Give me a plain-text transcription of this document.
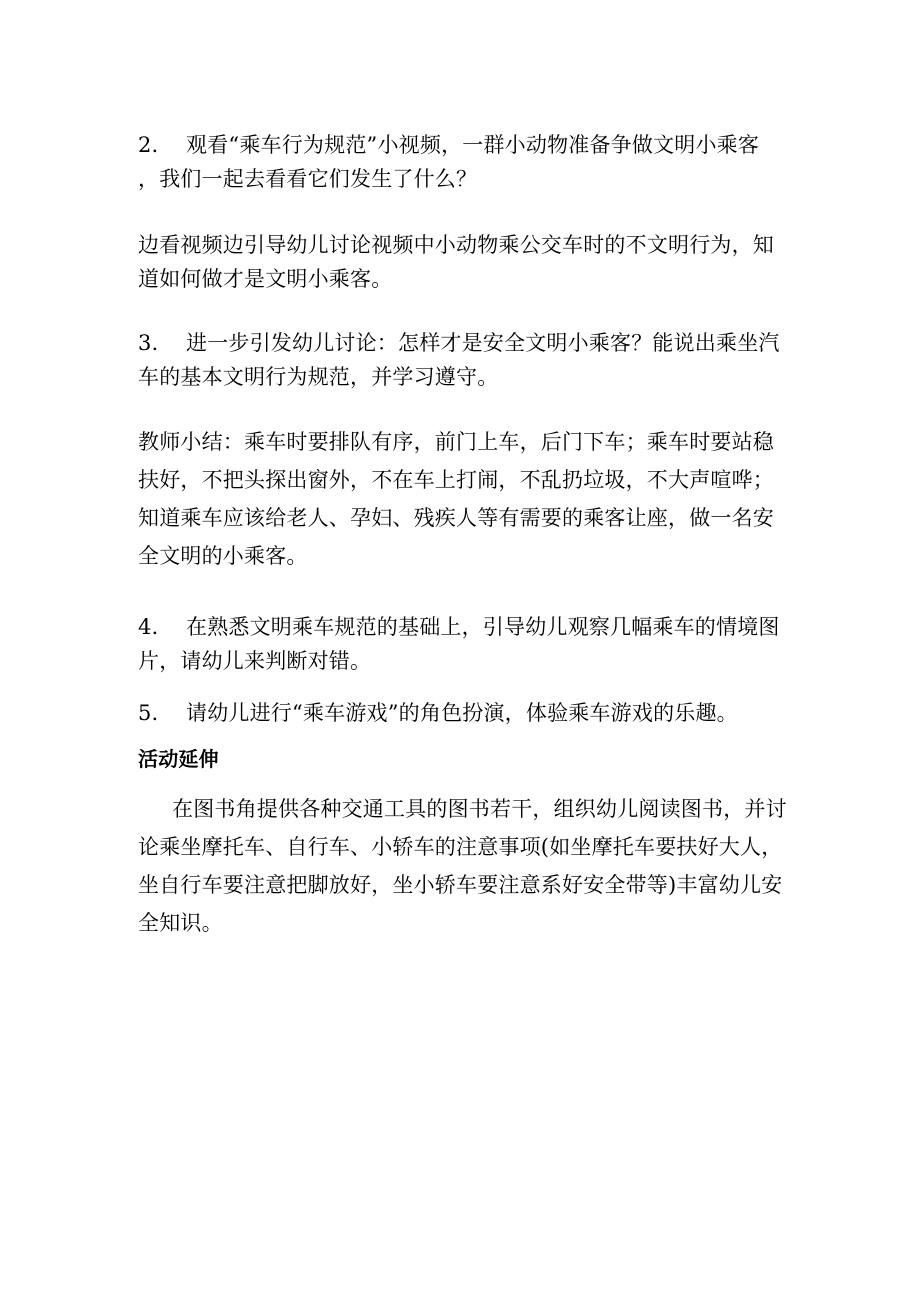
2. 观看“乘车行为规范”小视频，一群小动物准备争做文明小乘客
，我们一起去看看它们发生了什么？
边看视频边引导幼儿讨论视频中小动物乘公交车时的不文明行为，知
道如何做才是文明小乘客。
3. 进一步引发幼儿讨论：怎样才是安全文明小乘客？能说出乘坐汽
车的基本文明行为规范，并学习遵守。
教师小结：乘车时要排队有序，前门上车，后门下车；乘车时要站稳
扶好，不把头探出窗外，不在车上打闹，不乱扔垃圾，不大声喧哗；
知道乘车应该给老人、孕妇、残疾人等有需要的乘客让座，做一名安
全文明的小乘客。
4. 在熟悉文明乘车规范的基础上，引导幼儿观察几幅乘车的情境图
片，请幼儿来判断对错。
5. 请幼儿进行“乘车游戏”的角色扮演，体验乘车游戏的乐趣。
活动延伸
在图书角提供各种交通工具的图书若干，组织幼儿阅读图书，并讨
论乘坐摩托车、自行车、小轿车的注意事项(如坐摩托车要扶好大人，
坐自行车要注意把脚放好，坐小轿车要注意系好安全带等)丰富幼儿安
全知识。
